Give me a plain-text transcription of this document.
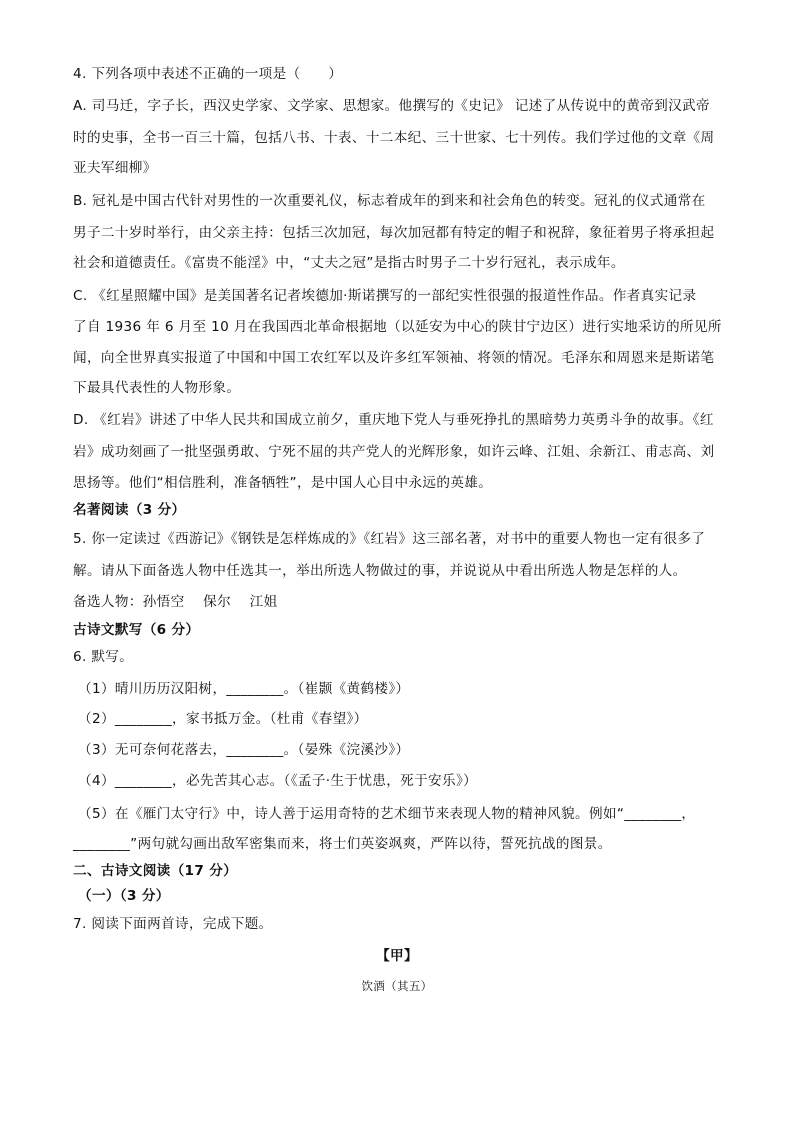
4. 下列各项中表述不正确的一项是（　　）
A. 司马迁，字子长，西汉史学家、文学家、思想家。他撰写的《史记》 记述了从传说中的黄帝到汉武帝
时的史事，全书一百三十篇，包括八书、十表、十二本纪、三十世家、七十列传。我们学过他的文章《周
亚夫军细柳》
B. 冠礼是中国古代针对男性的一次重要礼仪，标志着成年的到来和社会角色的转变。冠礼的仪式通常在
男子二十岁时举行，由父亲主持：包括三次加冠，每次加冠都有特定的帽子和祝辞，象征着男子将承担起
社会和道德责任。《富贵不能淫》中，“丈夫之冠”是指古时男子二十岁行冠礼，表示成年。
C. 《红星照耀中国》是美国著名记者埃德加·斯诺撰写的一部纪实性很强的报道性作品。作者真实记录
了自 1936 年 6 月至 10 月在我国西北革命根据地（以延安为中心的陕甘宁边区）进行实地采访的所见所
闻，向全世界真实报道了中国和中国工农红军以及许多红军领袖、将领的情况。毛泽东和周恩来是斯诺笔
下最具代表性的人物形象。
D. 《红岩》讲述了中华人民共和国成立前夕，重庆地下党人与垂死挣扎的黑暗势力英勇斗争的故事。《红
岩》成功刻画了一批坚强勇敢、宁死不屈的共产党人的光辉形象，如许云峰、江姐、余新江、甫志高、刘
思扬等。他们“相信胜利，准备牺牲”，是中国人心目中永远的英雄。
名著阅读（3 分）
5. 你一定读过《西游记》《钢铁是怎样炼成的》《红岩》这三部名著，对书中的重要人物也一定有很多了
解。请从下面备选人物中任选其一，举出所选人物做过的事，并说说从中看出所选人物是怎样的人。
备选人物：孙悟空　 保尔　 江姐
古诗文默写（6 分）
6. 默写。
（1）晴川历历汉阳树，________。（崔颢《黄鹤楼》）
（2）________，家书抵万金。（杜甫《春望》）
（3）无可奈何花落去，________。（晏殊《浣溪沙》）
（4）________，必先苦其心志。（《孟子·生于忧患，死于安乐》）
（5）在《雁门太守行》中，诗人善于运用奇特的艺术细节来表现人物的精神风貌。例如“________，
________”两句就勾画出敌军密集而来，将士们英姿飒爽，严阵以待，誓死抗战的图景。
二、古诗文阅读（17 分）
（一）（3 分）
7. 阅读下面两首诗，完成下题。
【甲】
饮酒（其五）
